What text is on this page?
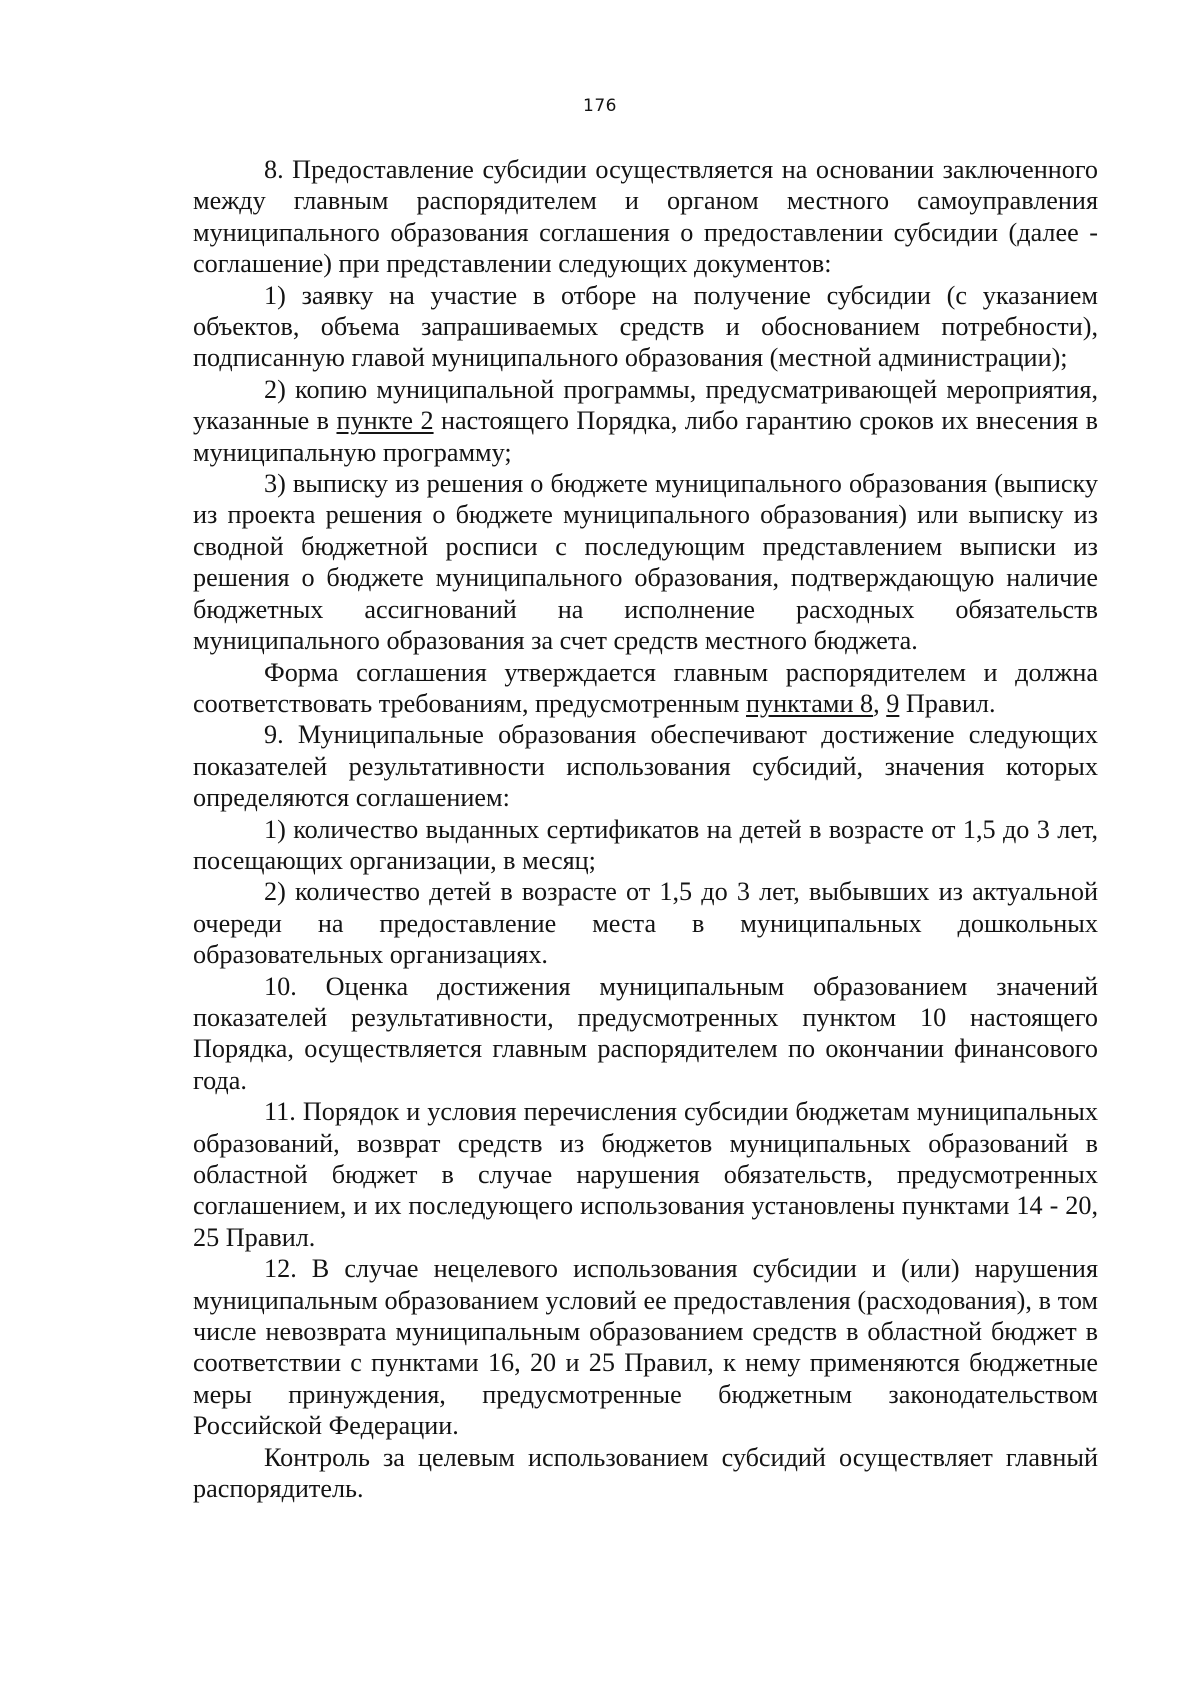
176

8. Предоставление субсидии осуществляется на основании заключенного между главным распорядителем и органом местного самоуправления муниципального образования соглашения о предоставлении субсидии (далее - соглашение) при представлении следующих документов:

1) заявку на участие в отборе на получение субсидии (с указанием объектов, объема запрашиваемых средств и обоснованием потребности), подписанную главой муниципального образования (местной администрации);

2) копию муниципальной программы, предусматривающей мероприятия, указанные в пункте 2 настоящего Порядка, либо гарантию сроков их внесения в муниципальную программу;

3) выписку из решения о бюджете муниципального образования (выписку из проекта решения о бюджете муниципального образования) или выписку из сводной бюджетной росписи с последующим представлением выписки из решения о бюджете муниципального образования, подтверждающую наличие бюджетных ассигнований на исполнение расходных обязательств муниципального образования за счет средств местного бюджета.

Форма соглашения утверждается главным распорядителем и должна соответствовать требованиям, предусмотренным пунктами 8, 9 Правил.

9. Муниципальные образования обеспечивают достижение следующих показателей результативности использования субсидий, значения которых определяются соглашением:

1) количество выданных сертификатов на детей в возрасте от 1,5 до 3 лет, посещающих организации, в месяц;

2) количество детей в возрасте от 1,5 до 3 лет, выбывших из актуальной очереди на предоставление места в муниципальных дошкольных образовательных организациях.

10. Оценка достижения муниципальным образованием значений показателей результативности, предусмотренных пунктом 10 настоящего Порядка, осуществляется главным распорядителем по окончании финансового года.

11. Порядок и условия перечисления субсидии бюджетам муниципальных образований, возврат средств из бюджетов муниципальных образований в областной бюджет в случае нарушения обязательств, предусмотренных соглашением, и их последующего использования установлены пунктами 14 - 20, 25 Правил.

12. В случае нецелевого использования субсидии и (или) нарушения муниципальным образованием условий ее предоставления (расходования), в том числе невозврата муниципальным образованием средств в областной бюджет в соответствии с пунктами 16, 20 и 25 Правил, к нему применяются бюджетные меры принуждения, предусмотренные бюджетным законодательством Российской Федерации.

Контроль за целевым использованием субсидий осуществляет главный распорядитель.
